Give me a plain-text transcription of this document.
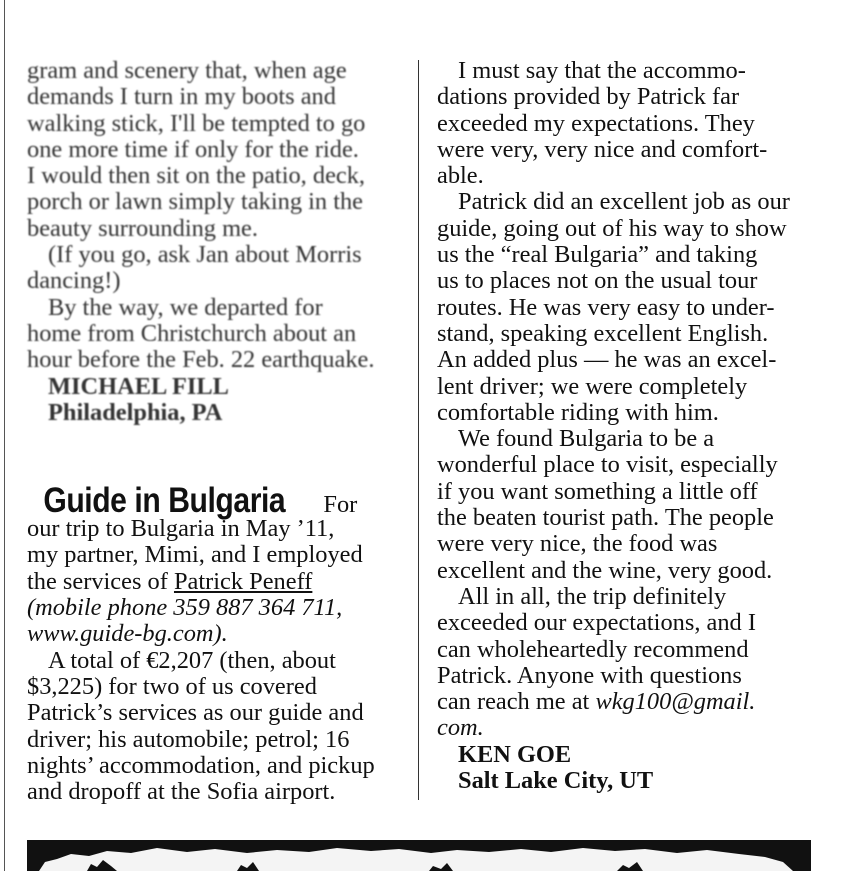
gram and scenery that, when age

demands I turn in my boots and

walking stick, I'll be tempted to go

one more time if only for the ride.

I would then sit on the patio, deck,

porch or lawn simply taking in the

beauty surrounding me.

(If you go, ask Jan about Morris

dancing!)

By the way, we departed for

home from Christchurch about an

hour before the Feb. 22 earthquake.

MICHAEL FILL

Philadelphia, PA

Guide in Bulgaria For

our trip to Bulgaria in May ’11,

my partner, Mimi, and I employed

the services of Patrick Peneff

(mobile phone 359 887 364 711,

www.guide-bg.com).

A total of €2,207 (then, about

$3,225) for two of us covered

Patrick’s services as our guide and

driver; his automobile; petrol; 16

nights’ accommodation, and pickup

and dropoff at the Sofia airport.

I must say that the accommo-

dations provided by Patrick far

exceeded my expectations. They

were very, very nice and comfort-

able.

Patrick did an excellent job as our

guide, going out of his way to show

us the “real Bulgaria” and taking

us to places not on the usual tour

routes. He was very easy to under-

stand, speaking excellent English.

An added plus — he was an excel-

lent driver; we were completely

comfortable riding with him.

We found Bulgaria to be a

wonderful place to visit, especially

if you want something a little off

the beaten tourist path. The people

were very nice, the food was

excellent and the wine, very good.

All in all, the trip definitely

exceeded our expectations, and I

can wholeheartedly recommend

Patrick. Anyone with questions

can reach me at wkg100@gmail.

com.

KEN GOE

Salt Lake City, UT
